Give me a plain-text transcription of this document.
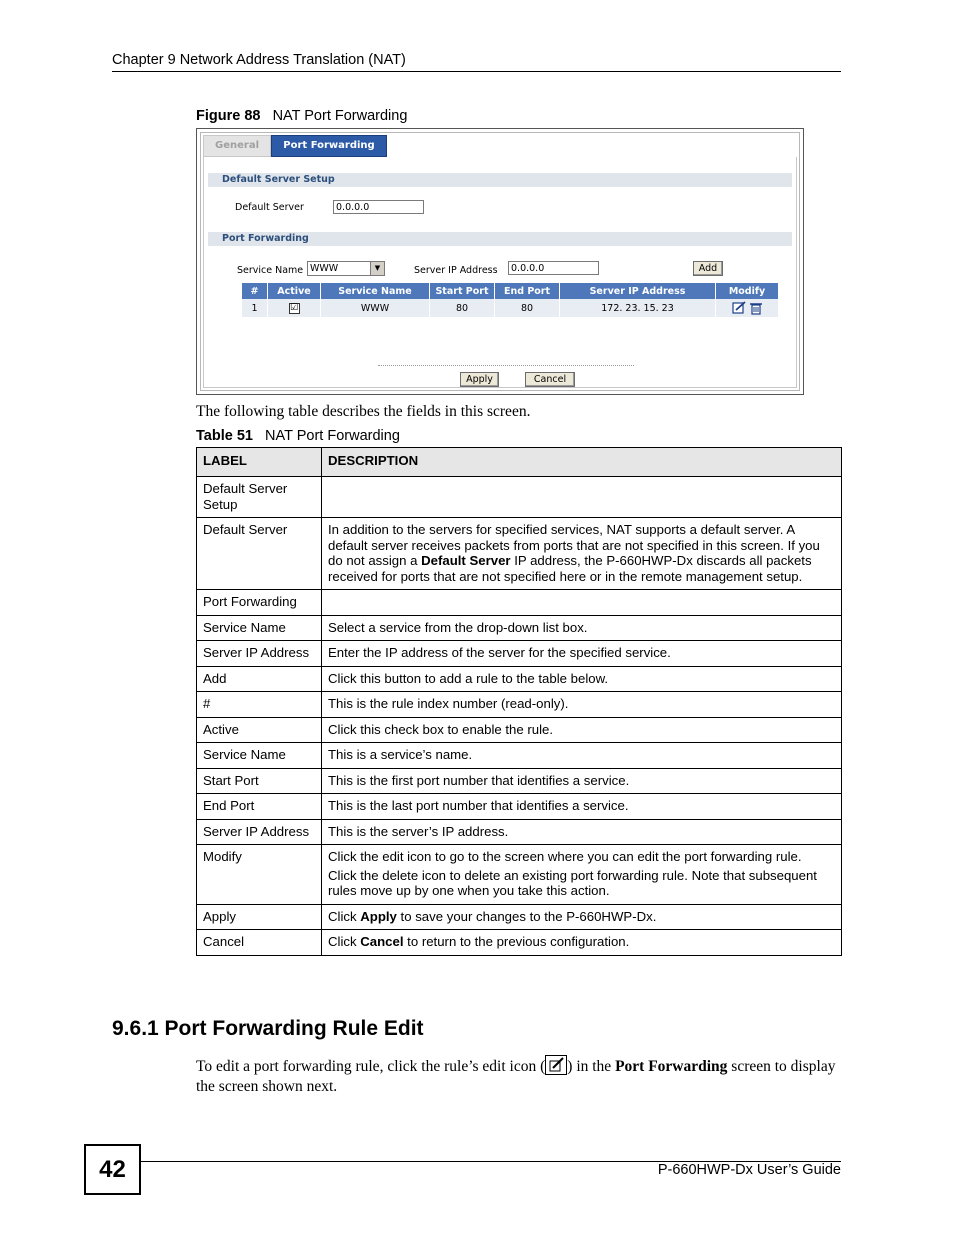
Chapter 9 Network Address Translation (NAT)
Figure 88 NAT Port Forwarding
General	Port Forwarding
Default Server Setup
Default Server	0.0.0.0
Port Forwarding
Service Name WWW	▼	Server IP Address	0.0.0.0	Add
#	Active	Service Name	Start Port	End Port	Server IP Address	Modify
1	☑	WWW	80	80	172. 23. 15. 23	
Apply	Cancel
The following table describes the fields in this screen.
Table 51 NAT Port Forwarding
LABEL	DESCRIPTION
Default Server Setup	
Default Server	In addition to the servers for specified services, NAT supports a default server. A default server receives packets from ports that are not specified in this screen. If you do not assign a Default Server IP address, the P-660HWP-Dx discards all packets received for ports that are not specified here or in the remote management setup.

Port Forwarding	
Service Name	Select a service from the drop-down list box.

Server IP Address	Enter the IP address of the server for the specified service.

Add	Click this button to add a rule to the table below.

#	This is the rule index number (read-only).

Active	Click this check box to enable the rule.

Service Name	This is a service’s name.

Start Port	This is the first port number that identifies a service.

End Port	This is the last port number that identifies a service.

Server IP Address	This is the server’s IP address.

Modify	Click the edit icon to go to the screen where you can edit the port forwarding rule.

Click the delete icon to delete an existing port forwarding rule. Note that subsequent rules move up by one when you take this action.

Apply	Click Apply to save your changes to the P-660HWP-Dx.

Cancel	Click Cancel to return to the previous configuration.

9.6.1 Port Forwarding Rule Edit
To edit a port forwarding rule, click the rule’s edit icon ( ) in the Port Forwarding screen to display the screen shown next.
42	P-660HWP-Dx User’s Guide
